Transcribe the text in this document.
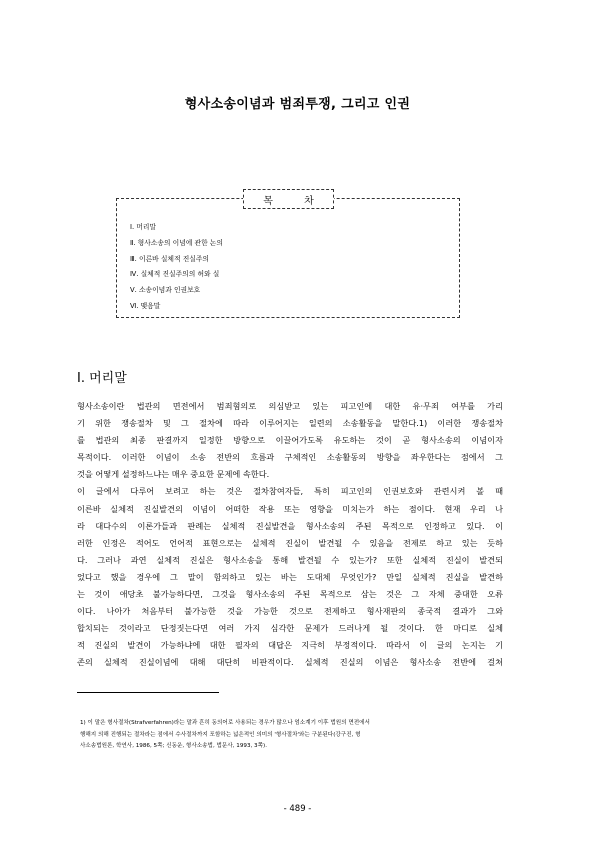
형사소송이념과 범죄투쟁, 그리고 인권
목 차
Ⅰ. 머리말
Ⅱ. 형사소송의 이념에 관한 논의
Ⅲ. 이른바 실체적 진실주의
Ⅳ. 실체적 진실주의의 허와 실
Ⅴ. 소송이념과 인권보호
Ⅵ. 맺음말
Ⅰ. 머리말
형사소송이란 법관의 면전에서 범죄혐의로 의심받고 있는 피고인에 대한 유·무죄 여부를 가리
기 위한 쟁송절차 및 그 절차에 따라 이루어지는 일련의 소송활동을 말한다.1) 이러한 쟁송절차
를 법관의 최종 판결까지 일정한 방향으로 이끌어가도록 유도하는 것이 곧 형사소송의 이념이자
목적이다. 이러한 이념이 소송 전반의 흐름과 구체적인 소송활동의 방향을 좌우한다는 점에서 그
것을 어떻게 설정하느냐는 매우 중요한 문제에 속한다.
이 글에서 다루어 보려고 하는 것은 절차참여자들, 특히 피고인의 인권보호와 관련시켜 볼 때
이른바 실체적 진실발견의 이념이 어떠한 작용 또는 영향을 미치는가 하는 점이다. 현재 우리 나
라 대다수의 이론가들과 판례는 실체적 진실발견을 형사소송의 주된 목적으로 인정하고 있다. 이
러한 인정은 적어도 언어적 표현으로는 실체적 진실이 발견될 수 있음을 전제로 하고 있는 듯하
다. 그러나 과연 실체적 진실은 형사소송을 통해 발견될 수 있는가? 또한 실체적 진실이 발견되
었다고 했을 경우에 그 말이 함의하고 있는 바는 도대체 무엇인가? 만일 실체적 진실을 발견하
는 것이 애당초 불가능하다면, 그것을 형사소송의 주된 목적으로 삼는 것은 그 자체 중대한 오류
이다. 나아가 처음부터 불가능한 것을 가능한 것으로 전제하고 형사재판의 종국적 결과가 그와
합치되는 것이라고 단정짓는다면 여러 가지 심각한 문제가 드러나게 될 것이다. 한 마디로 실체
적 진실의 발견이 가능하냐에 대한 필자의 대답은 지극히 부정적이다. 따라서 이 글의 논지는 기
존의 실체적 진실이념에 대해 대단히 비판적이다. 실체적 진실의 이념은 형사소송 전반에 걸쳐
1) 이 말은 형사절차(Strafverfahren)라는 말과 흔히 동의어로 사용되는 경우가 많으나 엄소계기 이후 법원의 면전에서
행해지 의해 진행되는 절차라는 점에서 수사절차까지 포함하는 넓은적인 의미의 '형사절차'와는 구분된다(강구진, 형
사소송법원론, 학연사, 1986, 5쪽; 신동운, 형사소송법, 법문사, 1993, 3쪽).
- 489 -
